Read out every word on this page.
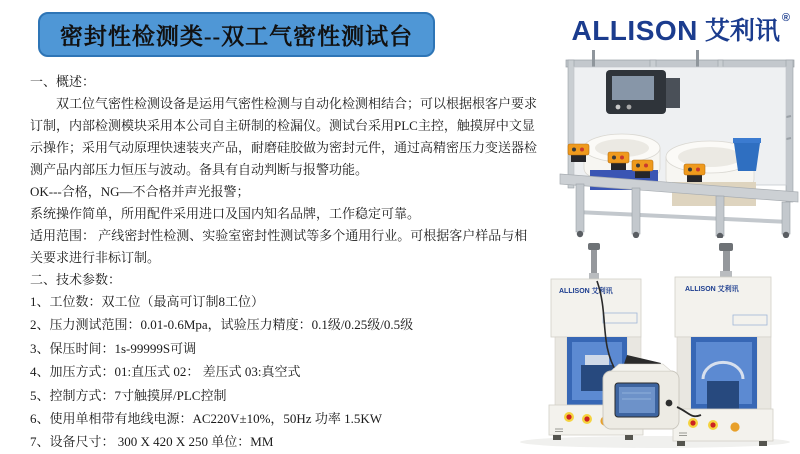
密封性检测类--双工气密性测试台	ALLISON 艾利讯 ®
一、概述：
双工位气密性检测设备是运用气密性检测与自动化检测相结合；可以根据根客户要求
订制，内部检测模块采用本公司自主研制的检漏仪。测试台采用PLC主控，触摸屏中文显
示操作；采用气动原理快速装夹产品，耐磨硅胶做为密封元件，通过高精密压力变送器检
测产品内部压力恒压与波动。备具有自动判断与报警功能。
OK---合格，NG—不合格并声光报警；
系统操作简单，所用配件采用进口及国内知名品牌，工作稳定可靠。
适用范围： 产线密封性检测、实验室密封性测试等多个通用行业。可根据客户样品与相
关要求进行非标订制。
二、技术参数：
1、工位数：双工位（最高可订制8工位）
2、压力测试范围：0.01-0.6Mpa，试验压力精度：0.1级/0.25级/0.5级
3、保压时间：1s-99999S可调
4、加压方式：01:直压式 02： 差压式 03:真空式
5、控制方式：7寸触摸屏/PLC控制
6、使用单相带有地线电源：AC220V±10%，50Hz 功率 1.5KW
7、设备尺寸： 300 X 420 X 250 单位：MM
ALLISON 艾利讯	ALLISON 艾利讯
